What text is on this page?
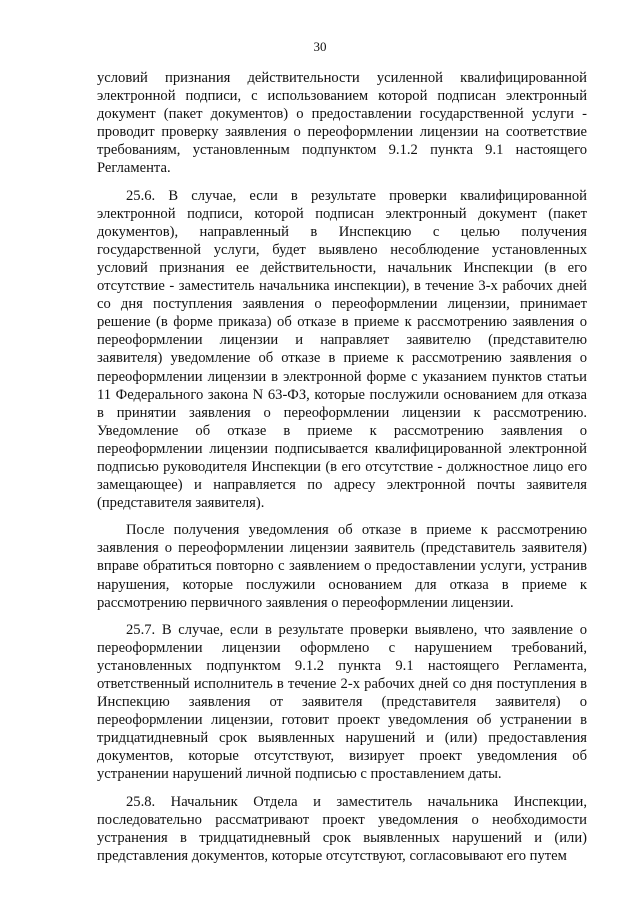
30

условий признания действительности усиленной квалифицированной электронной подписи, с использованием которой подписан электронный документ (пакет документов) о предоставлении государственной услуги - проводит проверку заявления о переоформлении лицензии на соответствие требованиям, установленным подпунктом 9.1.2 пункта 9.1 настоящего Регламента.

25.6. В случае, если в результате проверки квалифицированной электронной подписи, которой подписан электронный документ (пакет документов), направленный в Инспекцию с целью получения государственной услуги, будет выявлено несоблюдение установленных условий признания ее действительности, начальник Инспекции (в его отсутствие - заместитель начальника инспекции), в течение 3-х рабочих дней со дня поступления заявления о переоформлении лицензии, принимает решение (в форме приказа) об отказе в приеме к рассмотрению заявления о переоформлении лицензии и направляет заявителю (представителю заявителя) уведомление об отказе в приеме к рассмотрению заявления о переоформлении лицензии в электронной форме с указанием пунктов статьи 11 Федерального закона N 63-ФЗ, которые послужили основанием для отказа в принятии заявления о переоформлении лицензии к рассмотрению. Уведомление об отказе в приеме к рассмотрению заявления о переоформлении лицензии подписывается квалифицированной электронной подписью руководителя Инспекции (в его отсутствие - должностное лицо его замещающее) и направляется по адресу электронной почты заявителя (представителя заявителя).

После получения уведомления об отказе в приеме к рассмотрению заявления о переоформлении лицензии заявитель (представитель заявителя) вправе обратиться повторно с заявлением о предоставлении услуги, устранив нарушения, которые послужили основанием для отказа в приеме к рассмотрению первичного заявления о переоформлении лицензии.

25.7. В случае, если в результате проверки выявлено, что заявление о переоформлении лицензии оформлено с нарушением требований, установленных подпунктом 9.1.2 пункта 9.1 настоящего Регламента, ответственный исполнитель в течение 2-х рабочих дней со дня поступления в Инспекцию заявления от заявителя (представителя заявителя) о переоформлении лицензии, готовит проект уведомления об устранении в тридцатидневный срок выявленных нарушений и (или) предоставления документов, которые отсутствуют, визирует проект уведомления об устранении нарушений личной подписью с проставлением даты.

25.8. Начальник Отдела и заместитель начальника Инспекции, последовательно рассматривают проект уведомления о необходимости устранения в тридцатидневный срок выявленных нарушений и (или) представления документов, которые отсутствуют, согласовывают его путем
